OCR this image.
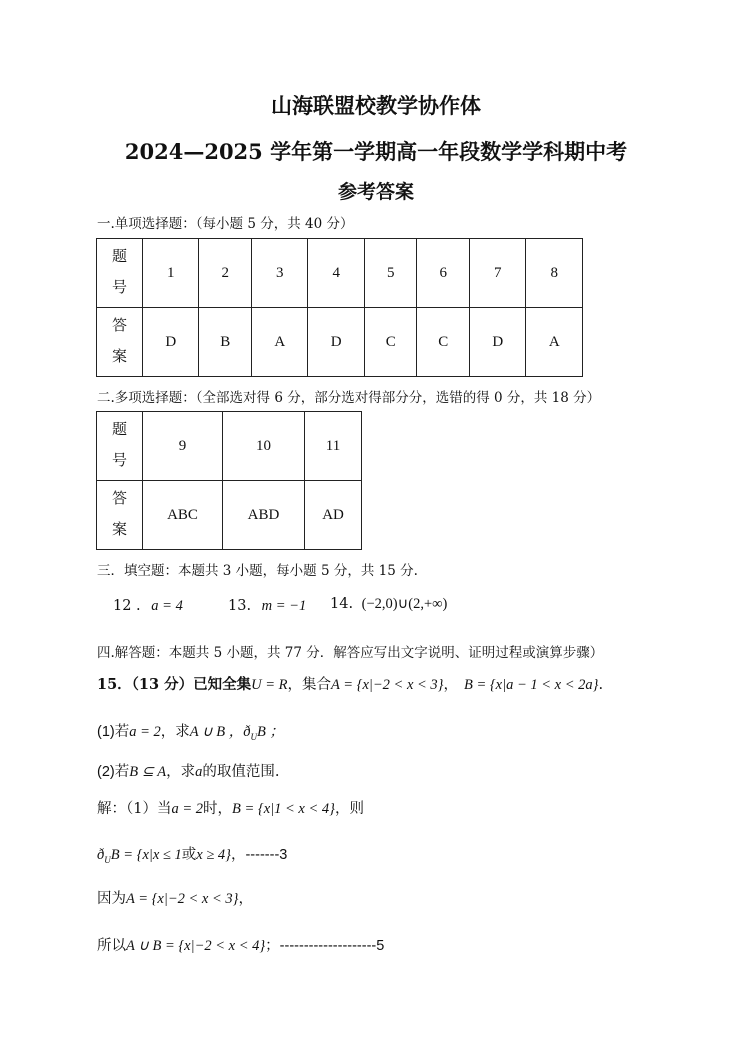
山海联盟校教学协作体
2024—2025 学年第一学期高一年段数学学科期中考
参考答案
一.单项选择题：（每小题 5 分，共 40 分）
题
号	1	2	3	4	5	6	7	8

答
案	D	B	A	D	C	C	D	A
二.多项选择题：（全部选对得 6 分，部分选对得部分分，选错的得 0 分，共 18 分）
题
号	9	10	11

答
案	ABC	ABD	AD
三．填空题：本题共 3 小题，每小题 5 分，共 15 分.
12 . a = 4	13. m = −1 14. (−2,0)∪(2,+∞)
四.解答题：本题共 5 小题，共 77 分．解答应写出文字说明、证明过程或演算步骤）
15．（13 分）已知全集U = R，集合A = {x|−2 < x < 3}， B = {x|a − 1 < x < 2a}.
(1)若a = 2，求A ∪ B ，$ð_UB$ ；
(2)若B ⊆ A，求a的取值范围.
解：（1）当a = 2时，B = {x|1 < x < 4}，则
$ð_UB = \{x|x \le 1$或x ≥ 4}，-------3
因为A = {x|−2 < x < 3}，
所以A ∪ B = {x|−2 < x < 4}；--------------------5
